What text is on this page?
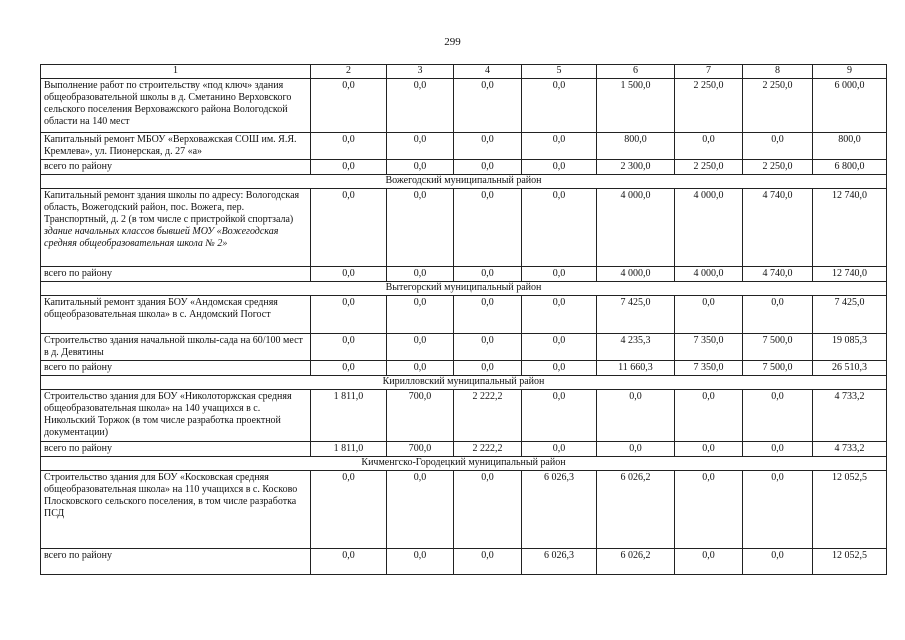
299
1	2	3	4	5	6	7	8	9
Выполнение работ по строительству «под ключ» здания общеобразовательной школы в д. Сметанино Верховского сельского поселения Верховажского района Вологодской области на 140 мест	0,0	0,0	0,0	0,0	1 500,0	2 250,0	2 250,0	6 000,0
Капитальный ремонт МБОУ «Верховажская СОШ им. Я.Я. Кремлева», ул. Пионерская, д. 27 «а»	0,0	0,0	0,0	0,0	800,0	0,0	0,0	800,0
всего по району	0,0	0,0	0,0	0,0	2 300,0	2 250,0	2 250,0	6 800,0
Вожегодский муниципальный район								
Капитальный ремонт здания школы по адресу: Вологодская область, Вожегодский район, пос. Вожега, пер. Транспортный, д. 2 (в том числе с пристройкой спортзала) здание начальных классов бывшей МОУ «Вожегодская средняя общеобразовательная школа № 2»	0,0	0,0	0,0	0,0	4 000,0	4 000,0	4 740,0	12 740,0
всего по району	0,0	0,0	0,0	0,0	4 000,0	4 000,0	4 740,0	12 740,0
Вытегорский муниципальный район								
Капитальный ремонт здания БОУ «Андомская средняя общеобразовательная школа» в с. Андомский Погост	0,0	0,0	0,0	0,0	7 425,0	0,0	0,0	7 425,0
Строительство здания начальной школы-сада на 60/100 мест в д. Девятины	0,0	0,0	0,0	0,0	4 235,3	7 350,0	7 500,0	19 085,3
всего по району	0,0	0,0	0,0	0,0	11 660,3	7 350,0	7 500,0	26 510,3
Кирилловский муниципальный район								
Строительство здания для БОУ «Николоторжская средняя общеобразовательная школа» на 140 учащихся в с. Никольский Торжок (в том числе разработка проектной документации)	1 811,0	700,0	2 222,2	0,0	0,0	0,0	0,0	4 733,2
всего по району	1 811,0	700,0	2 222,2	0,0	0,0	0,0	0,0	4 733,2
Кичменгско-Городецкий муниципальный район								
Строительство здания для БОУ «Косковская средняя общеобразовательная школа» на 110 учащихся в с. Косково Плосковского сельского поселения, в том числе разработка ПСД	0,0	0,0	0,0	6 026,3	6 026,2	0,0	0,0	12 052,5
всего по району	0,0	0,0	0,0	6 026,3	6 026,2	0,0	0,0	12 052,5
